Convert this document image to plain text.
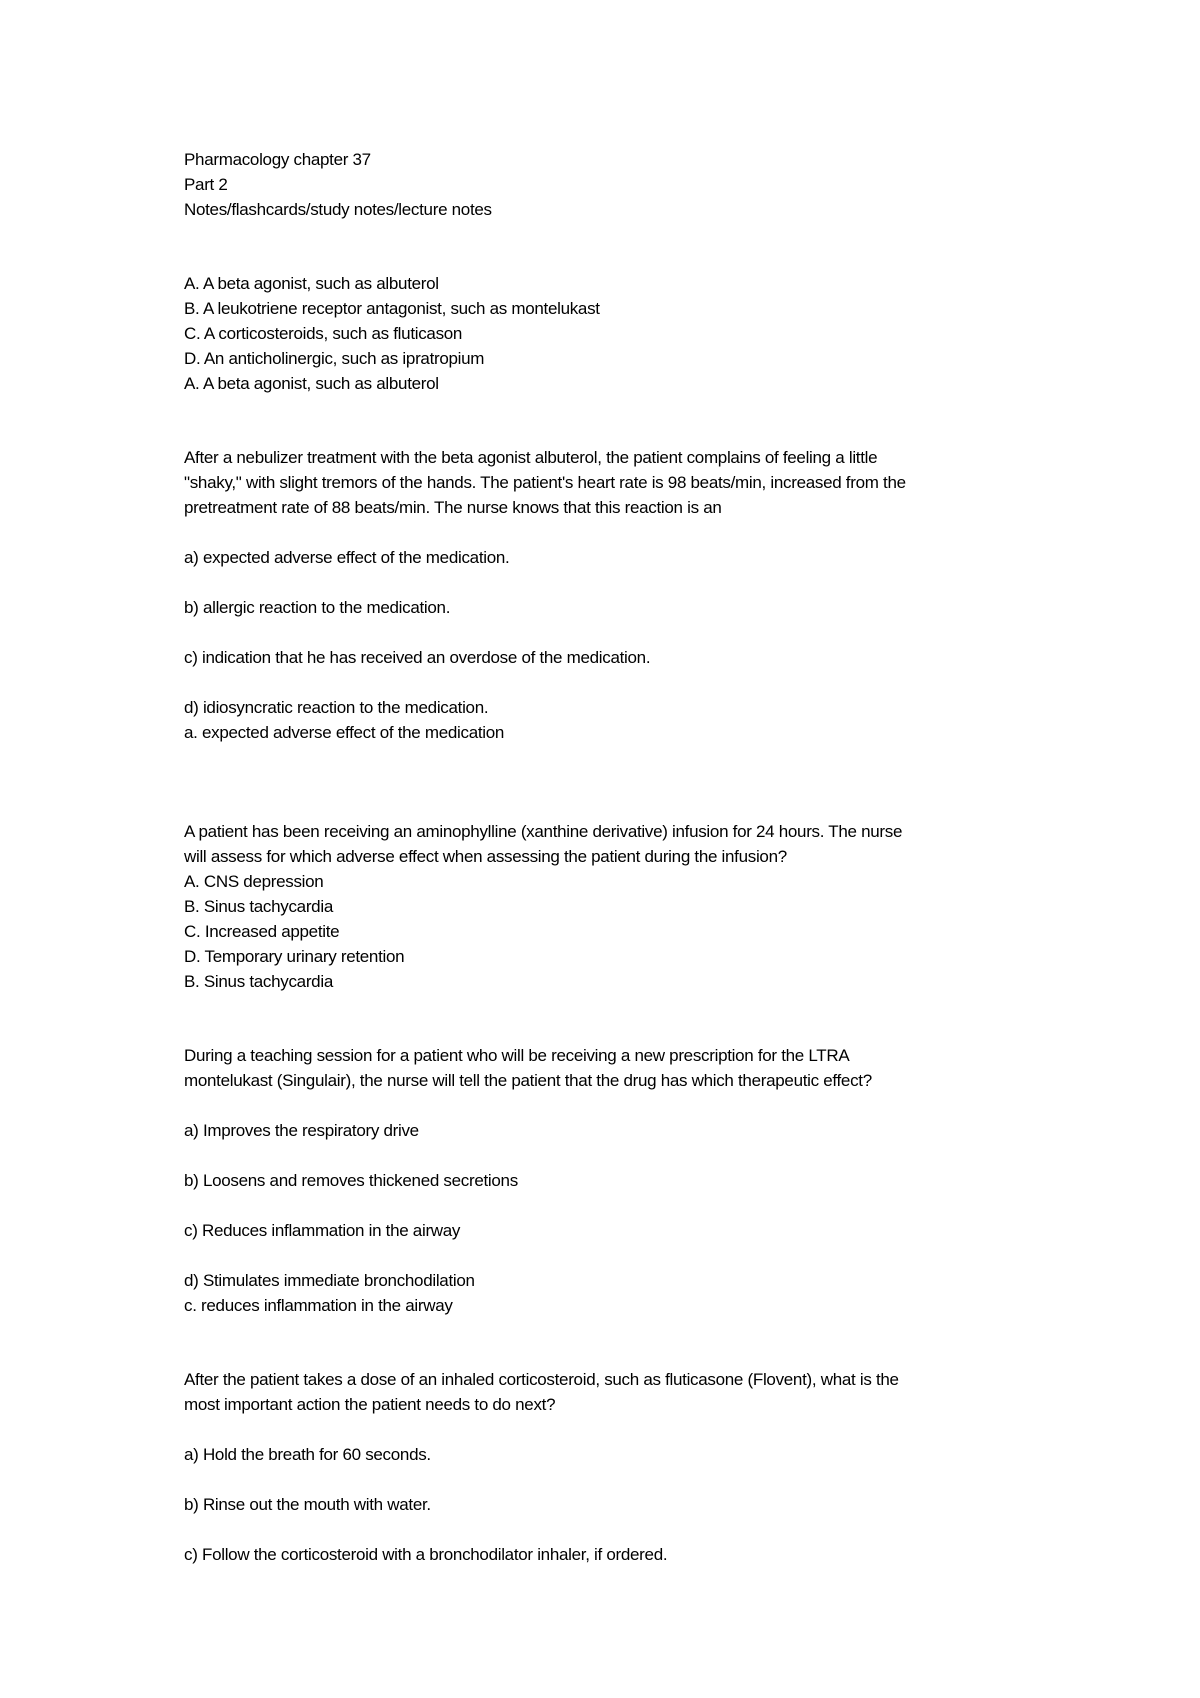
Pharmacology chapter 37
Part 2
Notes/flashcards/study notes/lecture notes
A. A beta agonist, such as albuterol
B. A leukotriene receptor antagonist, such as montelukast
C. A corticosteroids, such as fluticason
D. An anticholinergic, such as ipratropium
A. A beta agonist, such as albuterol
After a nebulizer treatment with the beta agonist albuterol, the patient complains of feeling a little
"shaky," with slight tremors of the hands. The patient's heart rate is 98 beats/min, increased from the
pretreatment rate of 88 beats/min. The nurse knows that this reaction is an
a) expected adverse effect of the medication.
b) allergic reaction to the medication.
c) indication that he has received an overdose of the medication.
d) idiosyncratic reaction to the medication.
a. expected adverse effect of the medication
A patient has been receiving an aminophylline (xanthine derivative) infusion for 24 hours. The nurse
will assess for which adverse effect when assessing the patient during the infusion?
A. CNS depression
B. Sinus tachycardia
C. Increased appetite
D. Temporary urinary retention
B. Sinus tachycardia
During a teaching session for a patient who will be receiving a new prescription for the LTRA
montelukast (Singulair), the nurse will tell the patient that the drug has which therapeutic effect?
a) Improves the respiratory drive
b) Loosens and removes thickened secretions
c) Reduces inflammation in the airway
d) Stimulates immediate bronchodilation
c. reduces inflammation in the airway
After the patient takes a dose of an inhaled corticosteroid, such as fluticasone (Flovent), what is the
most important action the patient needs to do next?
a) Hold the breath for 60 seconds.
b) Rinse out the mouth with water.
c) Follow the corticosteroid with a bronchodilator inhaler, if ordered.
